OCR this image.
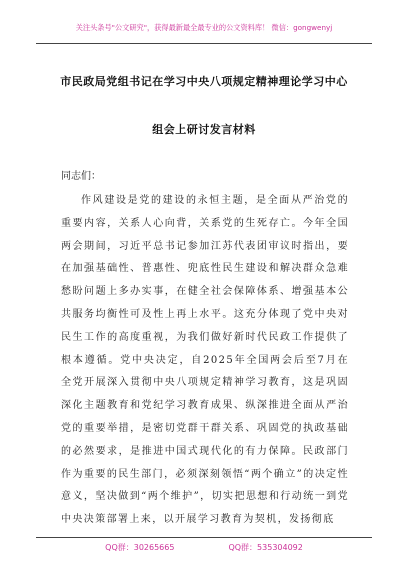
关注头条号"公文研究"，获得最新最全最专业的公文资料库！ 微信：gongwenyj
市民政局党组书记在学习中央八项规定精神理论学习中心
组会上研讨发言材料
同志们：

作风建设是党的建设的永恒主题，是全面从严治党的重要内容，关系人心向背，关系党的生死存亡。今年全国两会期间，习近平总书记参加江苏代表团审议时指出，要在加强基础性、普惠性、兜底性民生建设和解决群众急难愁盼问题上多办实事，在健全社会保障体系、增强基本公共服务均衡性可及性上再上水平。这充分体现了党中央对民生工作的高度重视，为我们做好新时代民政工作提供了根本遵循。党中央决定，自2025年全国两会后至7月在全党开展深入贯彻中央八项规定精神学习教育，这是巩固深化主题教育和党纪学习教育成果、纵深推进全面从严治党的重要举措，是密切党群干群关系、巩固党的执政基础的必然要求，是推进中国式现代化的有力保障。民政部门作为重要的民生部门，必须深刻领悟“两个确立”的决定性意义，坚决做到“两个维护”，切实把思想和行动统一到党中央决策部署上来，以开展学习教育为契机，发扬彻底

QQ群：30265665	QQ群：535304092
